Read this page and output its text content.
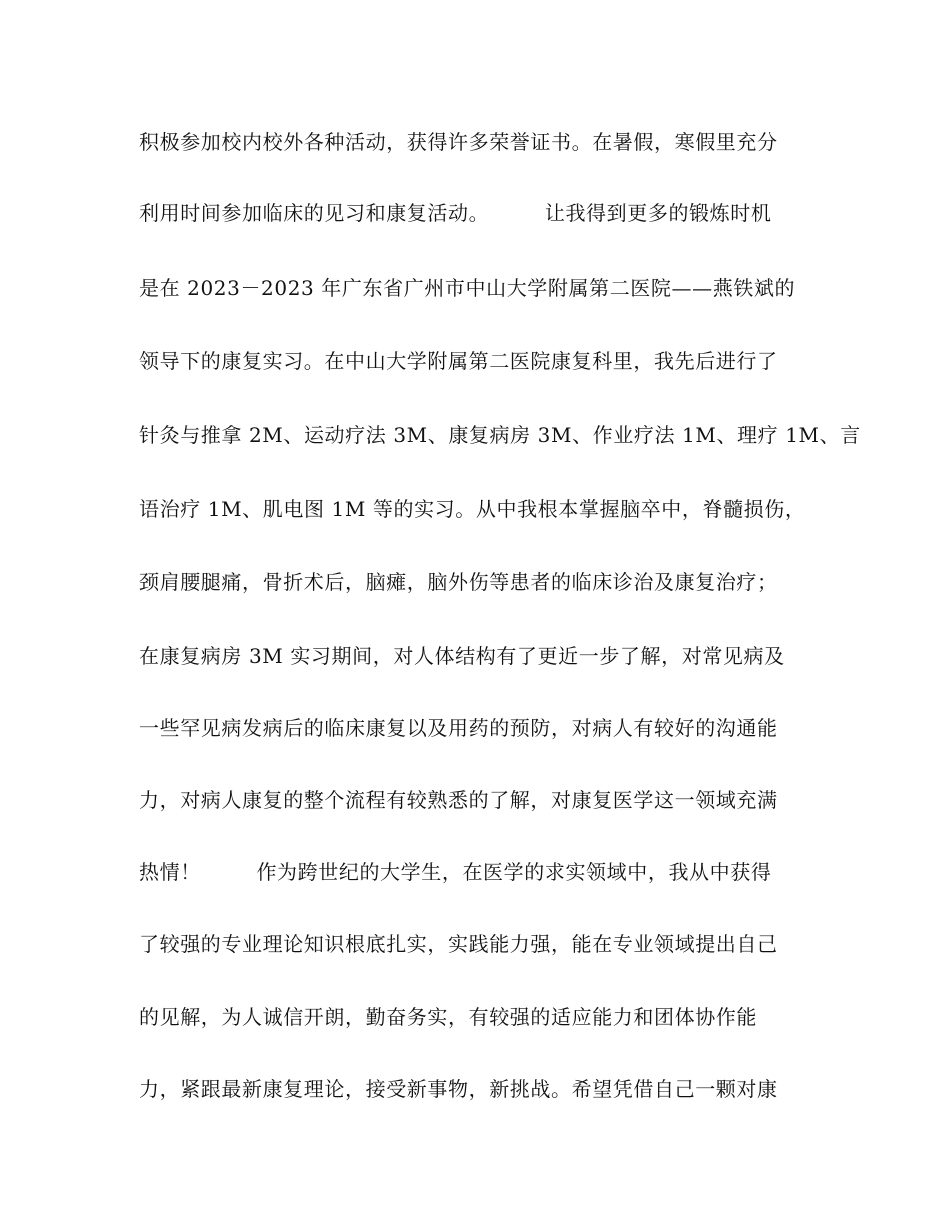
积极参加校内校外各种活动，获得许多荣誉证书。在暑假，寒假里充分
利用时间参加临床的见习和康复活动。        让我得到更多的锻炼时机
是在 2023－2023 年广东省广州市中山大学附属第二医院——燕铁斌的
领导下的康复实习。在中山大学附属第二医院康复科里，我先后进行了
针灸与推拿 2M、运动疗法 3M、康复病房 3M、作业疗法 1M、理疗 1M、言
语治疗 1M、肌电图 1M 等的实习。从中我根本掌握脑卒中，脊髓损伤，
颈肩腰腿痛，骨折术后，脑瘫，脑外伤等患者的临床诊治及康复治疗；
在康复病房 3M 实习期间，对人体结构有了更近一步了解，对常见病及
一些罕见病发病后的临床康复以及用药的预防，对病人有较好的沟通能
力，对病人康复的整个流程有较熟悉的了解，对康复医学这一领域充满
热情！        作为跨世纪的大学生，在医学的求实领域中，我从中获得
了较强的专业理论知识根底扎实，实践能力强，能在专业领域提出自己
的见解，为人诚信开朗，勤奋务实，有较强的适应能力和团体协作能
力，紧跟最新康复理论，接受新事物，新挑战。希望凭借自己一颗对康
